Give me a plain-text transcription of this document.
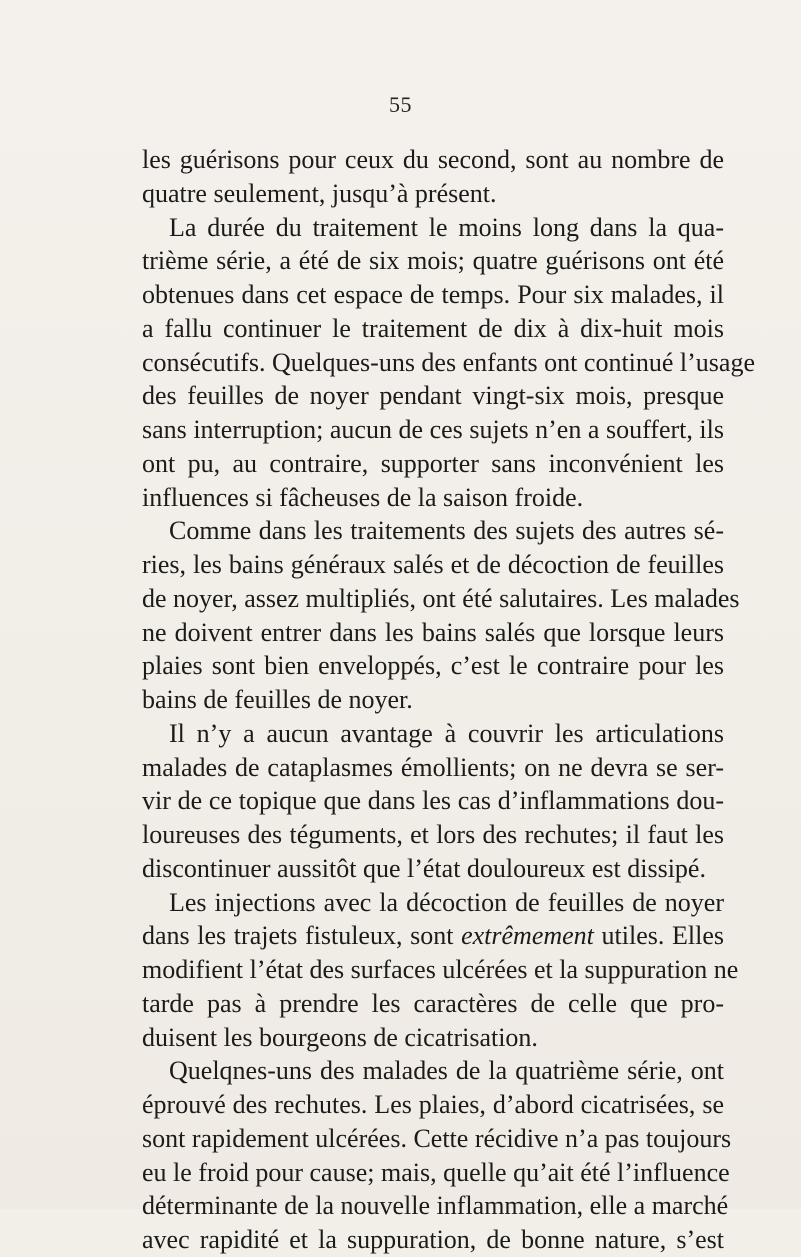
55
les guérisons pour ceux du second, sont au nombre de
quatre seulement, jusqu’à présent.
La durée du traitement le moins long dans la qua-
trième série, a été de six mois; quatre guérisons ont été
obtenues dans cet espace de temps. Pour six malades, il
a fallu continuer le traitement de dix à dix-huit mois
consécutifs. Quelques-uns des enfants ont continué l’usage
des feuilles de noyer pendant vingt-six mois, presque
sans interruption; aucun de ces sujets n’en a souffert, ils
ont pu, au contraire, supporter sans inconvénient les
influences si fâcheuses de la saison froide.
Comme dans les traitements des sujets des autres sé-
ries, les bains généraux salés et de décoction de feuilles
de noyer, assez multipliés, ont été salutaires. Les malades
ne doivent entrer dans les bains salés que lorsque leurs
plaies sont bien enveloppés, c’est le contraire pour les
bains de feuilles de noyer.
Il n’y a aucun avantage à couvrir les articulations
malades de cataplasmes émollients; on ne devra se ser-
vir de ce topique que dans les cas d’inflammations dou-
loureuses des téguments, et lors des rechutes; il faut les
discontinuer aussitôt que l’état douloureux est dissipé.
Les injections avec la décoction de feuilles de noyer
dans les trajets fistuleux, sont extrêmement utiles. Elles
modifient l’état des surfaces ulcérées et la suppuration ne
tarde pas à prendre les caractères de celle que pro-
duisent les bourgeons de cicatrisation.
Quelqnes-uns des malades de la quatrième série, ont
éprouvé des rechutes. Les plaies, d’abord cicatrisées, se
sont rapidement ulcérées. Cette récidive n’a pas toujours
eu le froid pour cause; mais, quelle qu’ait été l’influence
déterminante de la nouvelle inflammation, elle a marché
avec rapidité et la suppuration, de bonne nature, s’est
